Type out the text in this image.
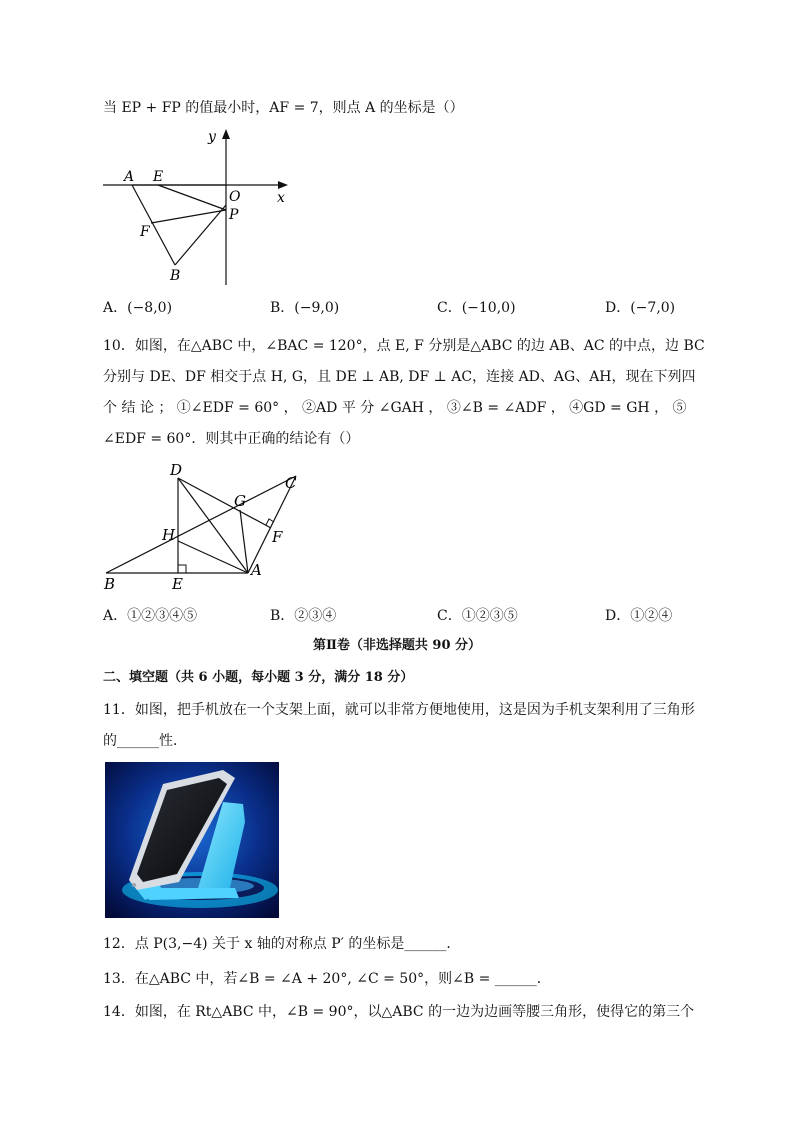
当 EP + FP 的值最小时，AF = 7，则点 A 的坐标是（）
y
x
A E
O
P
F
B
A．(−8,0)	B．(−9,0)	C．(−10,0)	D．(−7,0)
10．如图，在△ABC 中，∠BAC = 120°，点 E, F 分别是△ABC 的边 AB、AC 的中点，边 BC
分别与 DE、DF 相交于点 H, G，且 DE ⊥ AB, DF ⊥ AC，连接 AD、AG、AH，现在下列四
个 结 论 ； ①∠EDF = 60° ， ②AD 平 分 ∠GAH ， ③∠B = ∠ADF ， ④GD = GH ， ⑤
∠EDF = 60°．则其中正确的结论有（）
D
C
G
H	F
B	E
A
A．①②③④⑤	B．②③④	C．①②③⑤	D．①②④
第Ⅱ卷（非选择题共 90 分）
二、填空题（共 6 小题，每小题 3 分，满分 18 分）
11．如图，把手机放在一个支架上面，就可以非常方便地使用，这是因为手机支架利用了三角形
的______性．
12．点 P(3,−4) 关于 x 轴的对称点 P′ 的坐标是______．
13．在△ABC 中，若∠B = ∠A + 20°, ∠C = 50°，则∠B = ______．
14．如图，在 Rt△ABC 中，∠B = 90°，以△ABC 的一边为边画等腰三角形，使得它的第三个
